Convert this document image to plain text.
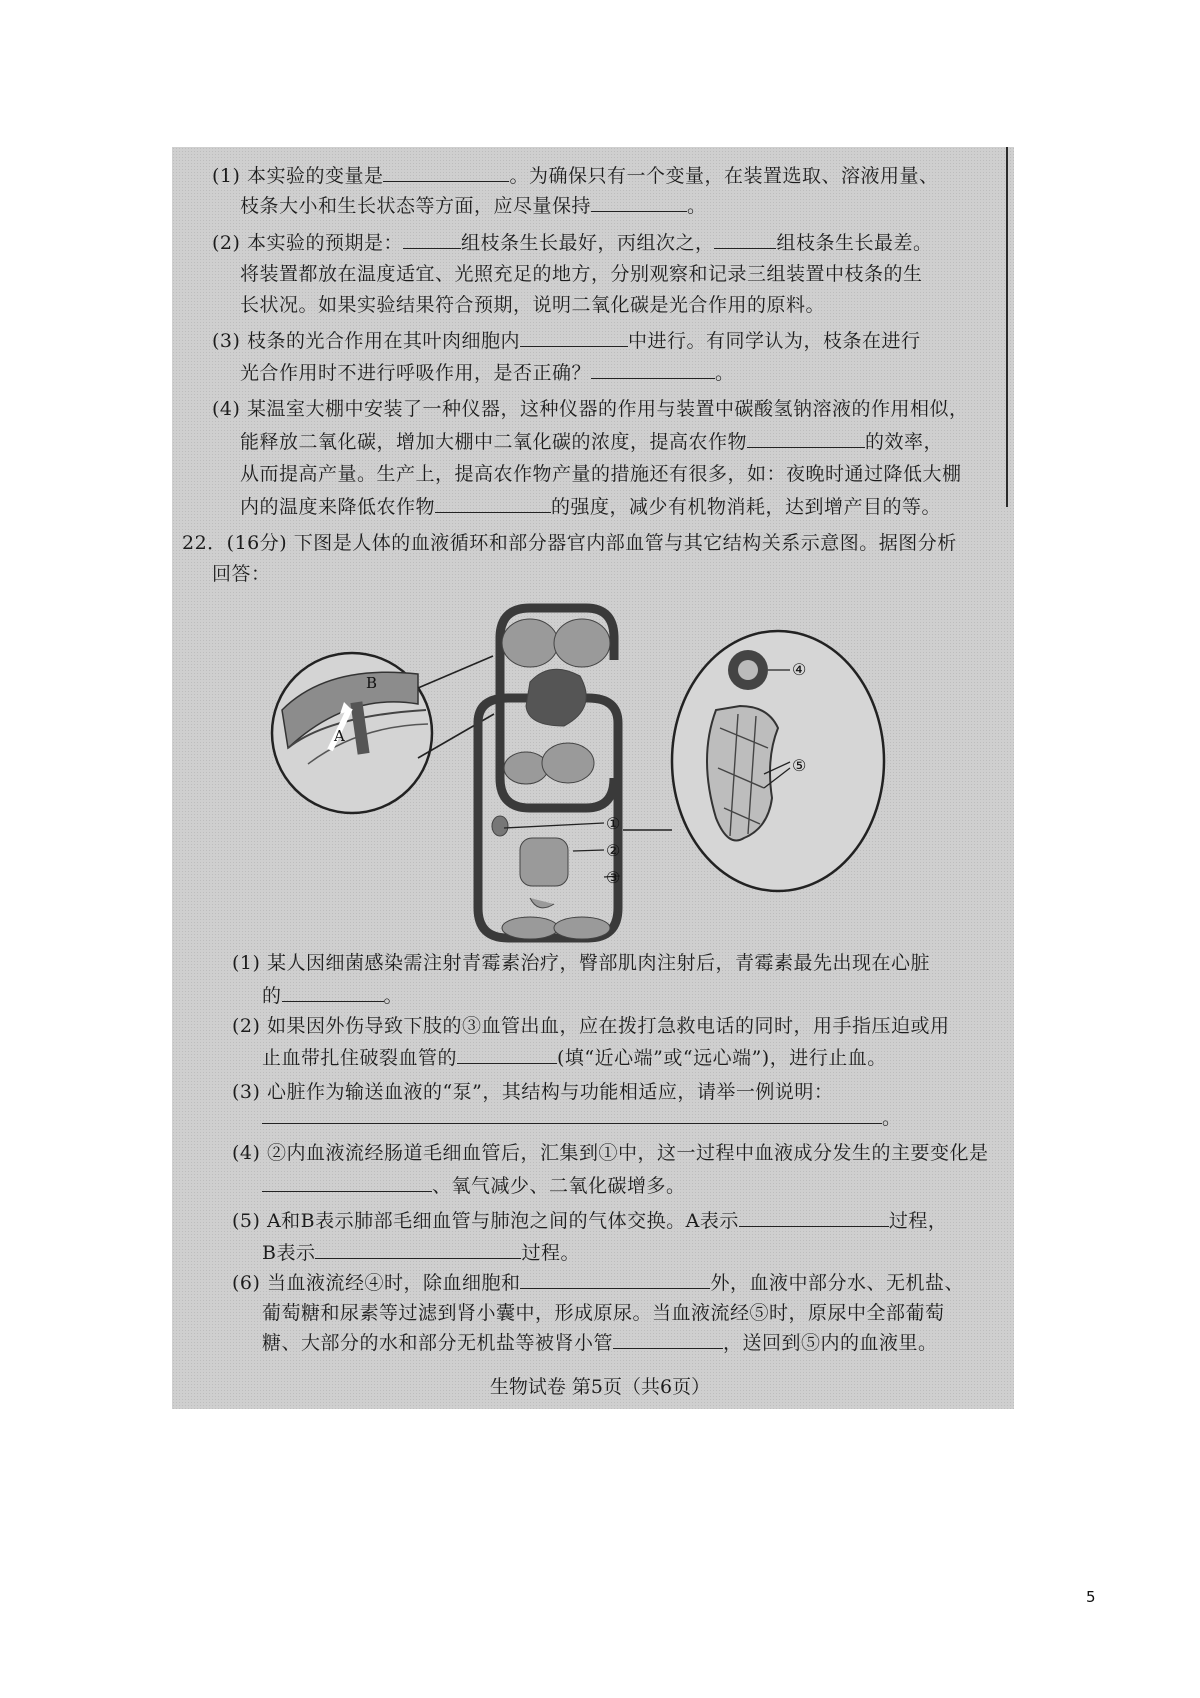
(1) 本实验的变量是	。为确保只有一个变量，在装置选取、溶液用量、
枝条大小和生长状态等方面，应尽量保持	。
(2) 本实验的预期是：	组枝条生长最好，丙组次之，	组枝条生长最差。
将装置都放在温度适宜、光照充足的地方，分别观察和记录三组装置中枝条的生
长状况。如果实验结果符合预期，说明二氧化碳是光合作用的原料。
(3) 枝条的光合作用在其叶肉细胞内	中进行。有同学认为，枝条在进行
光合作用时不进行呼吸作用，是否正确？	。
(4) 某温室大棚中安装了一种仪器，这种仪器的作用与装置中碳酸氢钠溶液的作用相似，
能释放二氧化碳，增加大棚中二氧化碳的浓度，提高农作物	的效率，
从而提高产量。生产上，提高农作物产量的措施还有很多，如：夜晚时通过降低大棚
内的温度来降低农作物	的强度，减少有机物消耗，达到增产目的等。
22．(16分) 下图是人体的血液循环和部分器官内部血管与其它结构关系示意图。据图分析
回答：
A
B
①
②
③
④
⑤
(1) 某人因细菌感染需注射青霉素治疗，臀部肌肉注射后，青霉素最先出现在心脏
的	。
(2) 如果因外伤导致下肢的③血管出血，应在拨打急救电话的同时，用手指压迫或用
止血带扎住破裂血管的	(填“近心端”或“远心端”)，进行止血。
(3) 心脏作为输送血液的“泵”，其结构与功能相适应，请举一例说明：
。
(4) ②内血液流经肠道毛细血管后，汇集到①中，这一过程中血液成分发生的主要变化是
、氧气减少、二氧化碳增多。
(5) A和B表示肺部毛细血管与肺泡之间的气体交换。A表示	过程，
B表示	过程。
(6) 当血液流经④时，除血细胞和	外，血液中部分水、无机盐、
葡萄糖和尿素等过滤到肾小囊中，形成原尿。当血液流经⑤时，原尿中全部葡萄
糖、大部分的水和部分无机盐等被肾小管	，送回到⑤内的血液里。
生物试卷 第5页（共6页）
5
